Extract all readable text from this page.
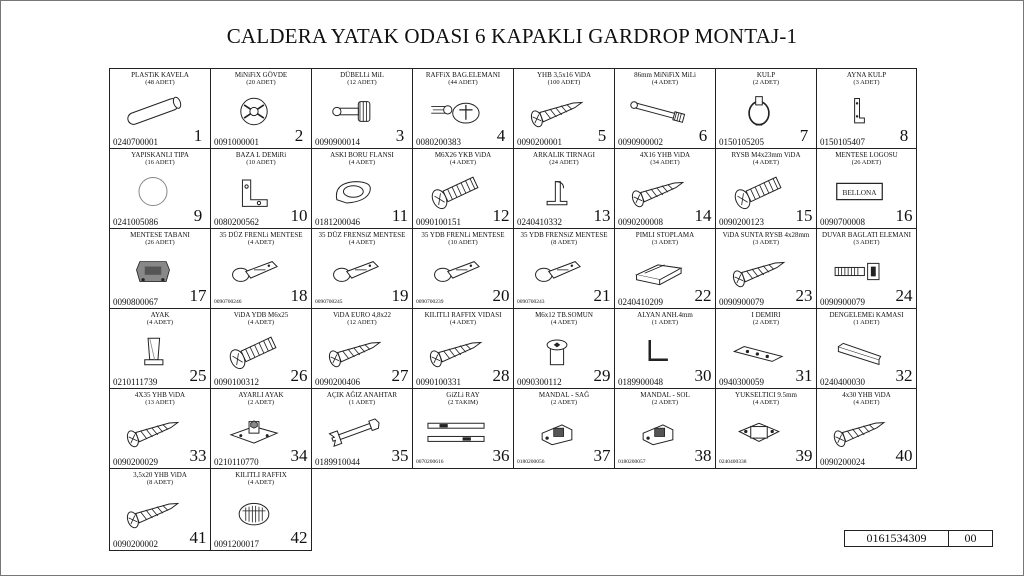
CALDERA YATAK ODASI 6 KAPAKLI GARDROP MONTAJ-1
PLASTiK KAVELA
(48 ADET)
0240700001	1
MiNiFiX GÖVDE
(20 ADET)
0091000001	2
DÜBELLi MiL
(12 ADET)
0090900014	3
RAFFiX BAG.ELEMANI
(44 ADET)
0080200383	4
YHB 3,5x16 ViDA
(100 ADET)
0090200001	5
86mm MiNiFiX MiLi
(4 ADET)
0090900002	6
KULP
(2 ADET)
0150105205	7
AYNA KULP
(3 ADET)
0150105407	8
YAPISKANLI TIPA
(16 ADET)
0241005086	9
BAZA L DEMiRi
(10 ADET)
0080200562 10
ASKI BORU FLANSI
(4 ADET)
0181200046 11
M6X26 YKB ViDA
(4 ADET)
0090100151 12
ARKALIK TIRNAGI
(24 ADET)
0240410332 13
4X16 YHB ViDA
(34 ADET)
0090200008 14
RYSB M4x23mm ViDA
(4 ADET)
0090200123 15
MENTESE LOGOSU
(26 ADET)
BELLONA
0090700008 16
MENTESE TABANI
(26 ADET)
0090800067 17
35 DÜZ FRENLi MENTESE
(4 ADET)
0090700246	18
35 DÜZ FRENSiZ MENTESE
(4 ADET)
0090700245	19
35 YDB FRENLi MENTESE
(10 ADET)
0090700239	20
35 YDB FRENSiZ MENTESE
(8 ADET)
0090700243	21
PIMLI STOPLAMA
(3 ADET)
0240410209 22
ViDA SUNTA RYSB 4x28mm
(3 ADET)
0090900079 23
DUVAR BAGLATI ELEMANI
(3 ADET)
0090900079 24
AYAK
(4 ADET)
0210111739 25
ViDA YDB M6x25
(4 ADET)
0090100312 26
ViDA EURO 4,8x22
(12 ADET)
0090200406 27
KILITLI RAFFIX VIDASI
(4 ADET)
0090100331 28
M6x12 TB.SOMUN
(4 ADET)
0090300112 29
ALYAN ANH.4mm
(1 ADET)
0189900048 30
I DEMIRI
(2 ADET)
0940300059 31
DENGELEMEi KAMASI
(1 ADET)
0240400030 32
4X35 YHB ViDA
(13 ADET)
0090200029 33
AYARLI AYAK
(2 ADET)
0210110770 34
AÇIK AĞIZ ANAHTAR
(1 ADET)
0189910044 35
GiZLi RAY
(2 TAKIM)
0070200616	36
MANDAL - SAĞ
(2 ADET)
0180200056	37
MANDAL - SOL
(2 ADET)
0180200057	38
YUKSELTICI 9.5mm
(4 ADET)
0240400338	39
4x30 YHB ViDA
(4 ADET)
0090200024 40
3,5x20 YHB ViDA
(8 ADET)
0090200002 41
KILITLI RAFFIX
(4 ADET)
0091200017 42	0161534309	00
